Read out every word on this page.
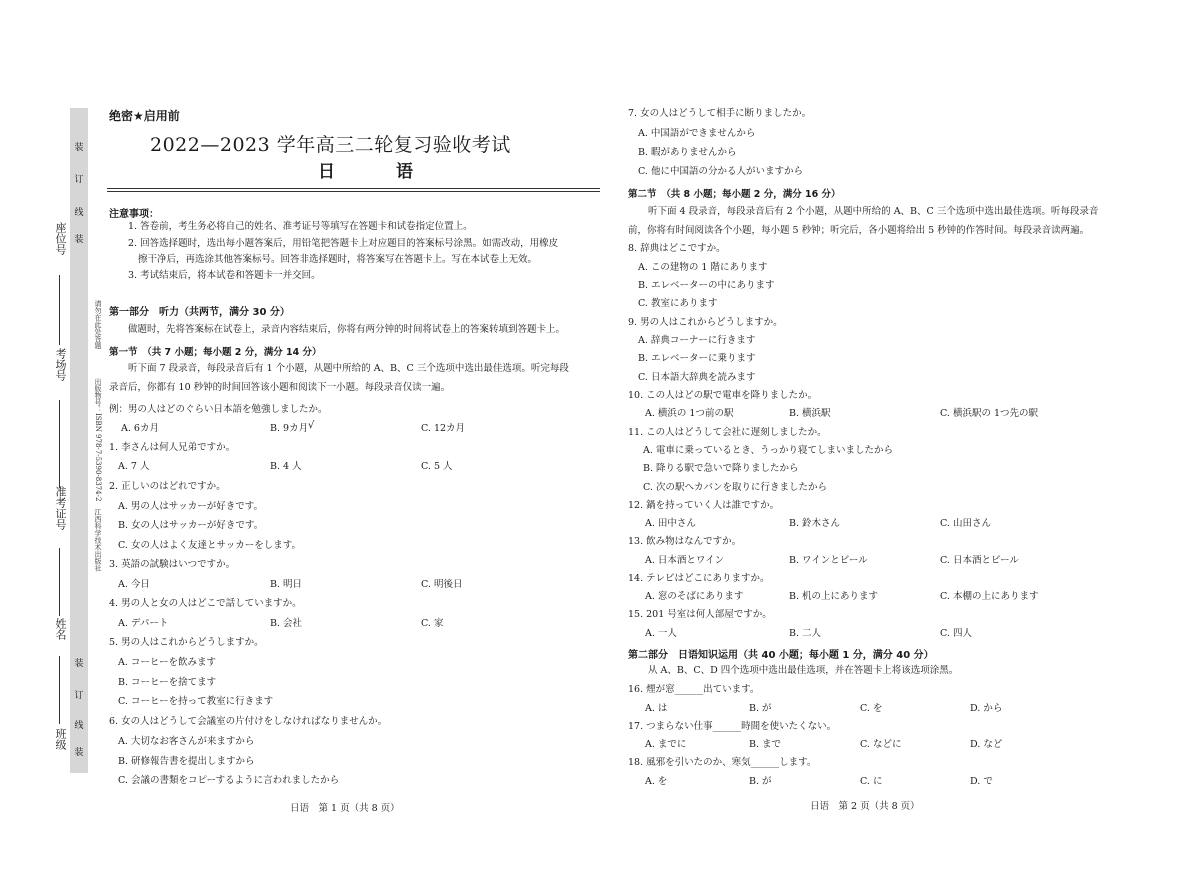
装
订
线
装
装
订
线
装
座位号
考场号
准考证号
姓名
班级
请勿在此处答题
出版物号：ISBN 978-7-5390-8374-2　江西科学技术出版社
绝密★启用前
2022—2023 学年高三二轮复习验收考试
日　语
注意事项：
1. 答卷前，考生务必将自己的姓名、准考证号等填写在答题卡和试卷指定位置上。
2. 回答选择题时，选出每小题答案后，用铅笔把答题卡上对应题目的答案标号涂黑。如需改动，用橡皮
擦干净后，再选涂其他答案标号。回答非选择题时，将答案写在答题卡上。写在本试卷上无效。
3. 考试结束后，将本试卷和答题卡一并交回。
第一部分　听力（共两节，满分 30 分）
做题时，先将答案标在试卷上，录音内容结束后，你将有两分钟的时间将试卷上的答案转填到答题卡上。
第一节　（共 7 小题；每小题 2 分，满分 14 分）
听下面 7 段录音，每段录音后有 1 个小题，从题中所给的 A、B、C 三个选项中选出最佳选项。听完每段
录音后，你都有 10 秒钟的时间回答该小题和阅读下一小题。每段录音仅读一遍。
例：男の人はどのぐらい日本語を勉強しましたか。
A. 6カ月	B. 9カ月 √	C. 12カ月
1. 李さんは何人兄弟ですか。
A. 7 人	B. 4 人	C. 5 人
2. 正しいのはどれですか。
A. 男の人はサッカーが好きです。
B. 女の人はサッカーが好きです。
C. 女の人はよく友達とサッカーをします。
3. 英語の試験はいつですか。
A. 今日	B. 明日	C. 明後日
4. 男の人と女の人はどこで話していますか。
A. デパート	B. 会社	C. 家
5. 男の人はこれからどうしますか。
A. コーヒーを飲みます
B. コーヒーを捨てます
C. コーヒーを持って教室に行きます
6. 女の人はどうして会議室の片付けをしなければなりませんか。
A. 大切なお客さんが来ますから
B. 研修報告書を提出しますから
C. 会議の書類をコピーするように言われましたから
日语　第 1 页（共 8 页）
7. 女の人はどうして相手に断りましたか。
A. 中国語ができませんから
B. 暇がありませんから
C. 他に中国語の分かる人がいますから
第二节　（共 8 小题；每小题 2 分，满分 16 分）
听下面 4 段录音，每段录音后有 2 个小题，从题中所给的 A、B、C 三个选项中选出最佳选项。听每段录音
前，你将有时间阅读各个小题，每小题 5 秒钟；听完后，各小题将给出 5 秒钟的作答时间。每段录音读两遍。
8. 辞典はどこですか。
A. この建物の 1 階にあります
B. エレベーターの中にあります
C. 教室にあります
9. 男の人はこれからどうしますか。
A. 辞典コーナーに行きます
B. エレベーターに乗ります
C. 日本語大辞典を読みます
10. この人はどの駅で電車を降りましたか。
A. 横浜の 1つ前の駅	B. 横浜駅	C. 横浜駅の 1つ先の駅
11. この人はどうして会社に遅刻しましたか。
A. 電車に乗っているとき、うっかり寝てしまいましたから
B. 降りる駅で急いで降りましたから
C. 次の駅へカバンを取りに行きましたから
12. 鍋を持っていく人は誰ですか。
A. 田中さん	B. 鈴木さん	C. 山田さん
13. 飲み物はなんですか。
A. 日本酒とワイン	B. ワインとビール	C. 日本酒とビール
14. テレビはどこにありますか。
A. 窓のそばにあります	B. 机の上にあります	C. 本棚の上にあります
15. 201 号室は何人部屋ですか。
A. 一人	B. 二人	C. 四人
第二部分　日语知识运用（共 40 小题；每小题 1 分，满分 40 分）
从 A、B、C、D 四个选项中选出最佳选项，并在答题卡上将该选项涂黑。
16. 煙が窓______出ています。
A. は	B. が	C. を	D. から
17. つまらない仕事______時間を使いたくない。
A. までに	B. まで	C. などに	D. など
18. 風邪を引いたのか、寒気______します。
A. を	B. が	C. に	D. で
日语　第 2 页（共 8 页）
